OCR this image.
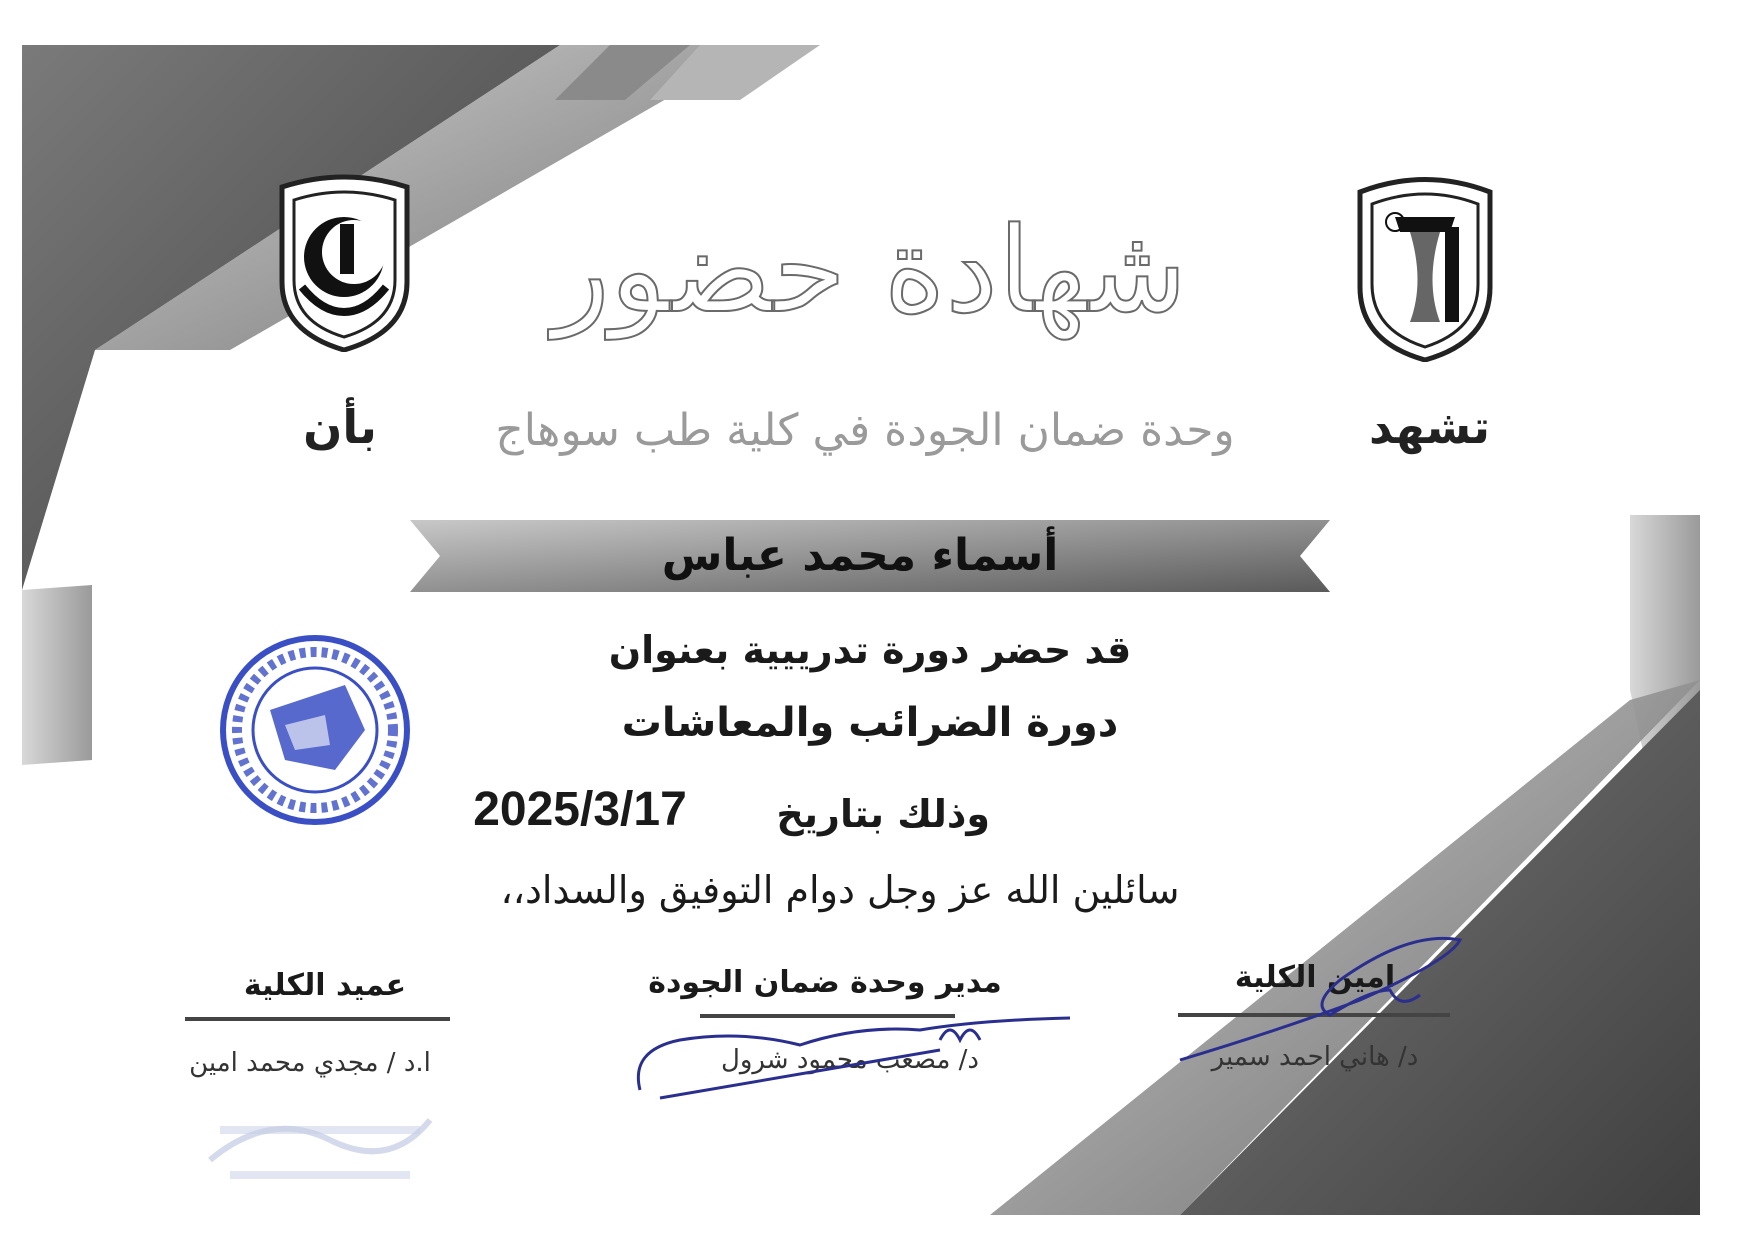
شهادة حضور
تشهد
وحدة ضمان الجودة في كلية طب سوهاج
بأن
أسماء محمد عباس
قد حضر دورة تدرييية بعنوان
دورة الضرائب والمعاشات
وذلك بتاريخ
2025/3/17
سائلين الله عز وجل دوام التوفيق والسداد،،
امين الكلية
د/ هاني احمد سمير
مدير وحدة ضمان الجودة
د/ مصعب محمود شرول
عميد الكلية
ا.د / مجدي محمد امين
